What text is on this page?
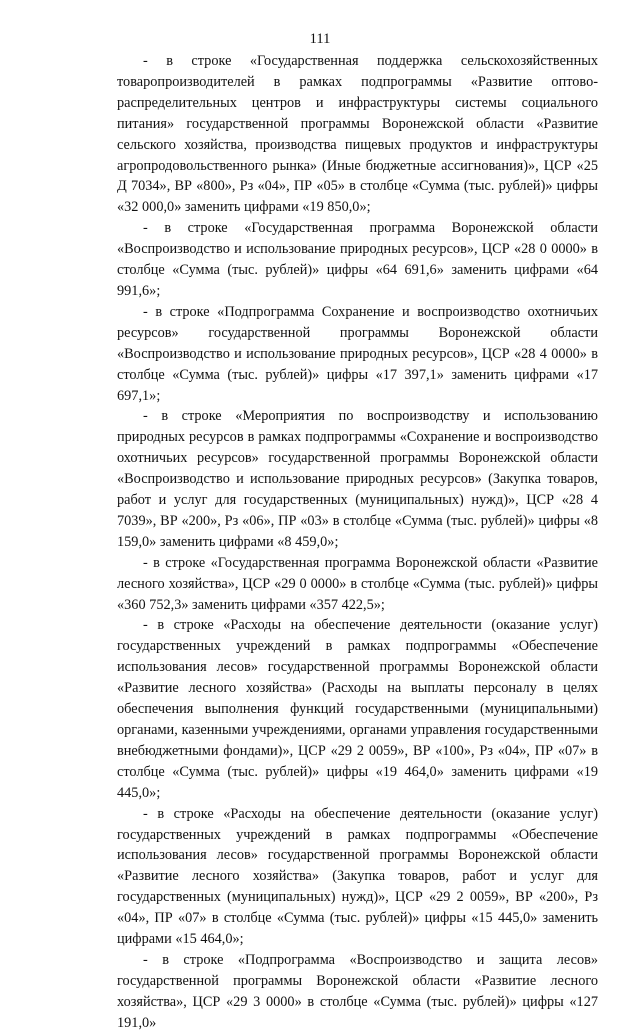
111

- в строке «Государственная поддержка сельскохозяйственных товаропроизводителей в рамках подпрограммы «Развитие оптово-распределительных центров и инфраструктуры системы социального питания» государственной программы Воронежской области «Развитие сельского хозяйства, производства пищевых продуктов и инфраструктуры агропродовольственного рынка» (Иные бюджетные ассигнования)», ЦСР «25 Д 7034», ВР «800», Рз «04», ПР «05» в столбце «Сумма (тыс. рублей)» цифры «32 000,0» заменить цифрами «19 850,0»;

- в строке «Государственная программа Воронежской области «Воспроизводство и использование природных ресурсов», ЦСР «28 0 0000» в столбце «Сумма (тыс. рублей)» цифры «64 691,6» заменить цифрами «64 991,6»;

- в строке «Подпрограмма Сохранение и воспроизводство охотничьих ресурсов» государственной программы Воронежской области «Воспроизводство и использование природных ресурсов», ЦСР «28 4 0000» в столбце «Сумма (тыс. рублей)» цифры «17 397,1» заменить цифрами «17 697,1»;

- в строке «Мероприятия по воспроизводству и использованию природных ресурсов в рамках подпрограммы «Сохранение и воспроизводство охотничьих ресурсов» государственной программы Воронежской области «Воспроизводство и использование природных ресурсов» (Закупка товаров, работ и услуг для государственных (муниципальных) нужд)», ЦСР «28 4 7039», ВР «200», Рз «06», ПР «03» в столбце «Сумма (тыс. рублей)» цифры «8 159,0» заменить цифрами «8 459,0»;

- в строке «Государственная программа Воронежской области «Развитие лесного хозяйства», ЦСР «29 0 0000» в столбце «Сумма (тыс. рублей)» цифры «360 752,3» заменить цифрами «357 422,5»;

- в строке «Расходы на обеспечение деятельности (оказание услуг) государственных учреждений в рамках подпрограммы «Обеспечение использования лесов» государственной программы Воронежской области «Развитие лесного хозяйства» (Расходы на выплаты персоналу в целях обеспечения выполнения функций государственными (муниципальными) органами, казенными учреждениями, органами управления государственными внебюджетными фондами)», ЦСР «29 2 0059», ВР «100», Рз «04», ПР «07» в столбце «Сумма (тыс. рублей)» цифры «19 464,0» заменить цифрами «19 445,0»;

- в строке «Расходы на обеспечение деятельности (оказание услуг) государственных учреждений в рамках подпрограммы «Обеспечение использования лесов» государственной программы Воронежской области «Развитие лесного хозяйства» (Закупка товаров, работ и услуг для государственных (муниципальных) нужд)», ЦСР «29 2 0059», ВР «200», Рз «04», ПР «07» в столбце «Сумма (тыс. рублей)» цифры «15 445,0» заменить цифрами «15 464,0»;

- в строке «Подпрограмма «Воспроизводство и защита лесов» государственной программы Воронежской области «Развитие лесного хозяйства», ЦСР «29 3 0000» в столбце «Сумма (тыс. рублей)» цифры «127 191,0»
